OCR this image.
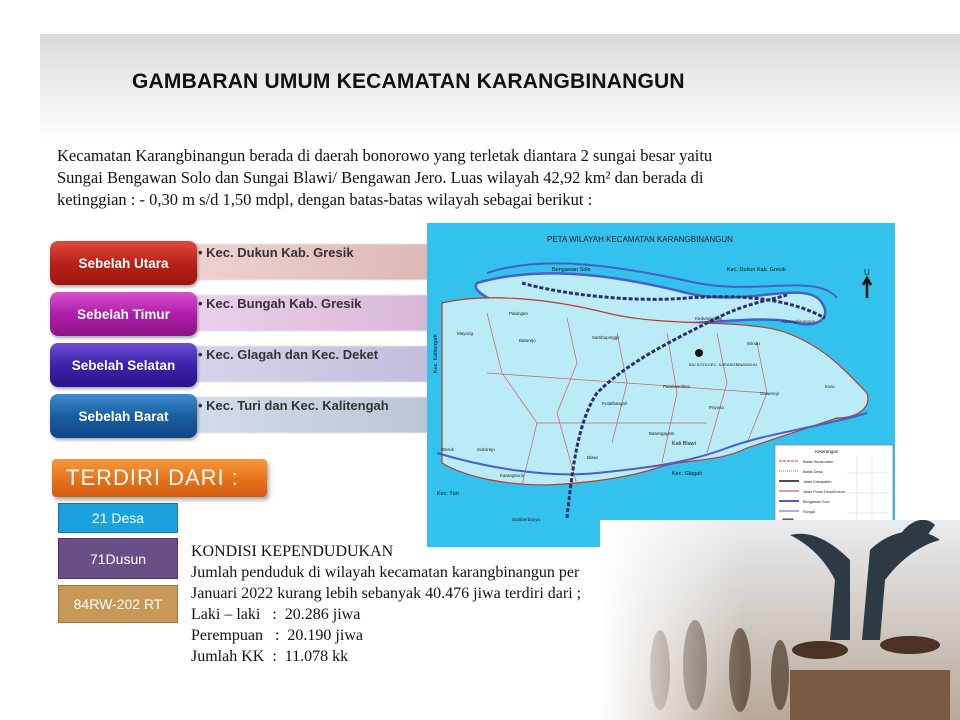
GAMBARAN UMUM KECAMATAN KARANGBINANGUN
Kecamatan Karangbinangun berada di daerah bonorowo yang terletak diantara 2 sungai besar yaitu
Sungai Bengawan Solo dan Sungai Blawi/ Bengawan Jero. Luas wilayah 42,92 km² dan berada di
ketinggian : - 0,30 m s/d 1,50 mdpl, dengan batas-batas wilayah sebagai berikut :
Sebelah Utara
• Kec. Dukun Kab. Gresik
Sebelah Timur
• Kec. Bungah Kab. Gresik
Sebelah Selatan
• Kec. Glagah dan Kec. Deket
Sebelah Barat
• Kec. Turi dan Kec. Kalitengah
TERDIRI DARI :
21 Desa
71Dusun
84RW-202 RT
KONDISI KEPENDUDUKAN
Jumlah penduduk di wilayah kecamatan karangbinangun per
Januari 2022 kurang lebih sebanyak 40.476 jiwa terdiri dari ;
Laki – laki   :  20.286 jiwa
Perempuan   :  20.190 jiwa
Jumlah KK  :  11.078 kk
PETA WILAYAH KECAMATAN KARANGBINANGUN
U
IBU KOTA KEC. KARANGBINANGUN
Bengawan Solo	Kec. Dukun Kab. Gresik
Kec. Kalitengah
Kec. Turi
Kec. Glagah
Kali Blawi
Palangan
Mayong
Baturejo
Sambopinggir
Kedungwangi
Windu
Karangbinangun
Gawerejo
Kuro
Putatbangah
Pandowolimo
Priyoso
Barangayam
Waruk	Sukorejo
Karangsorin
Blawi
Sumberbanyu
Keterangan
Batas Kecamatan
Batas Desa
Jalan Kabupaten
Jalan Poros Desa/Dusun
Bengawan Solo
Sungai
